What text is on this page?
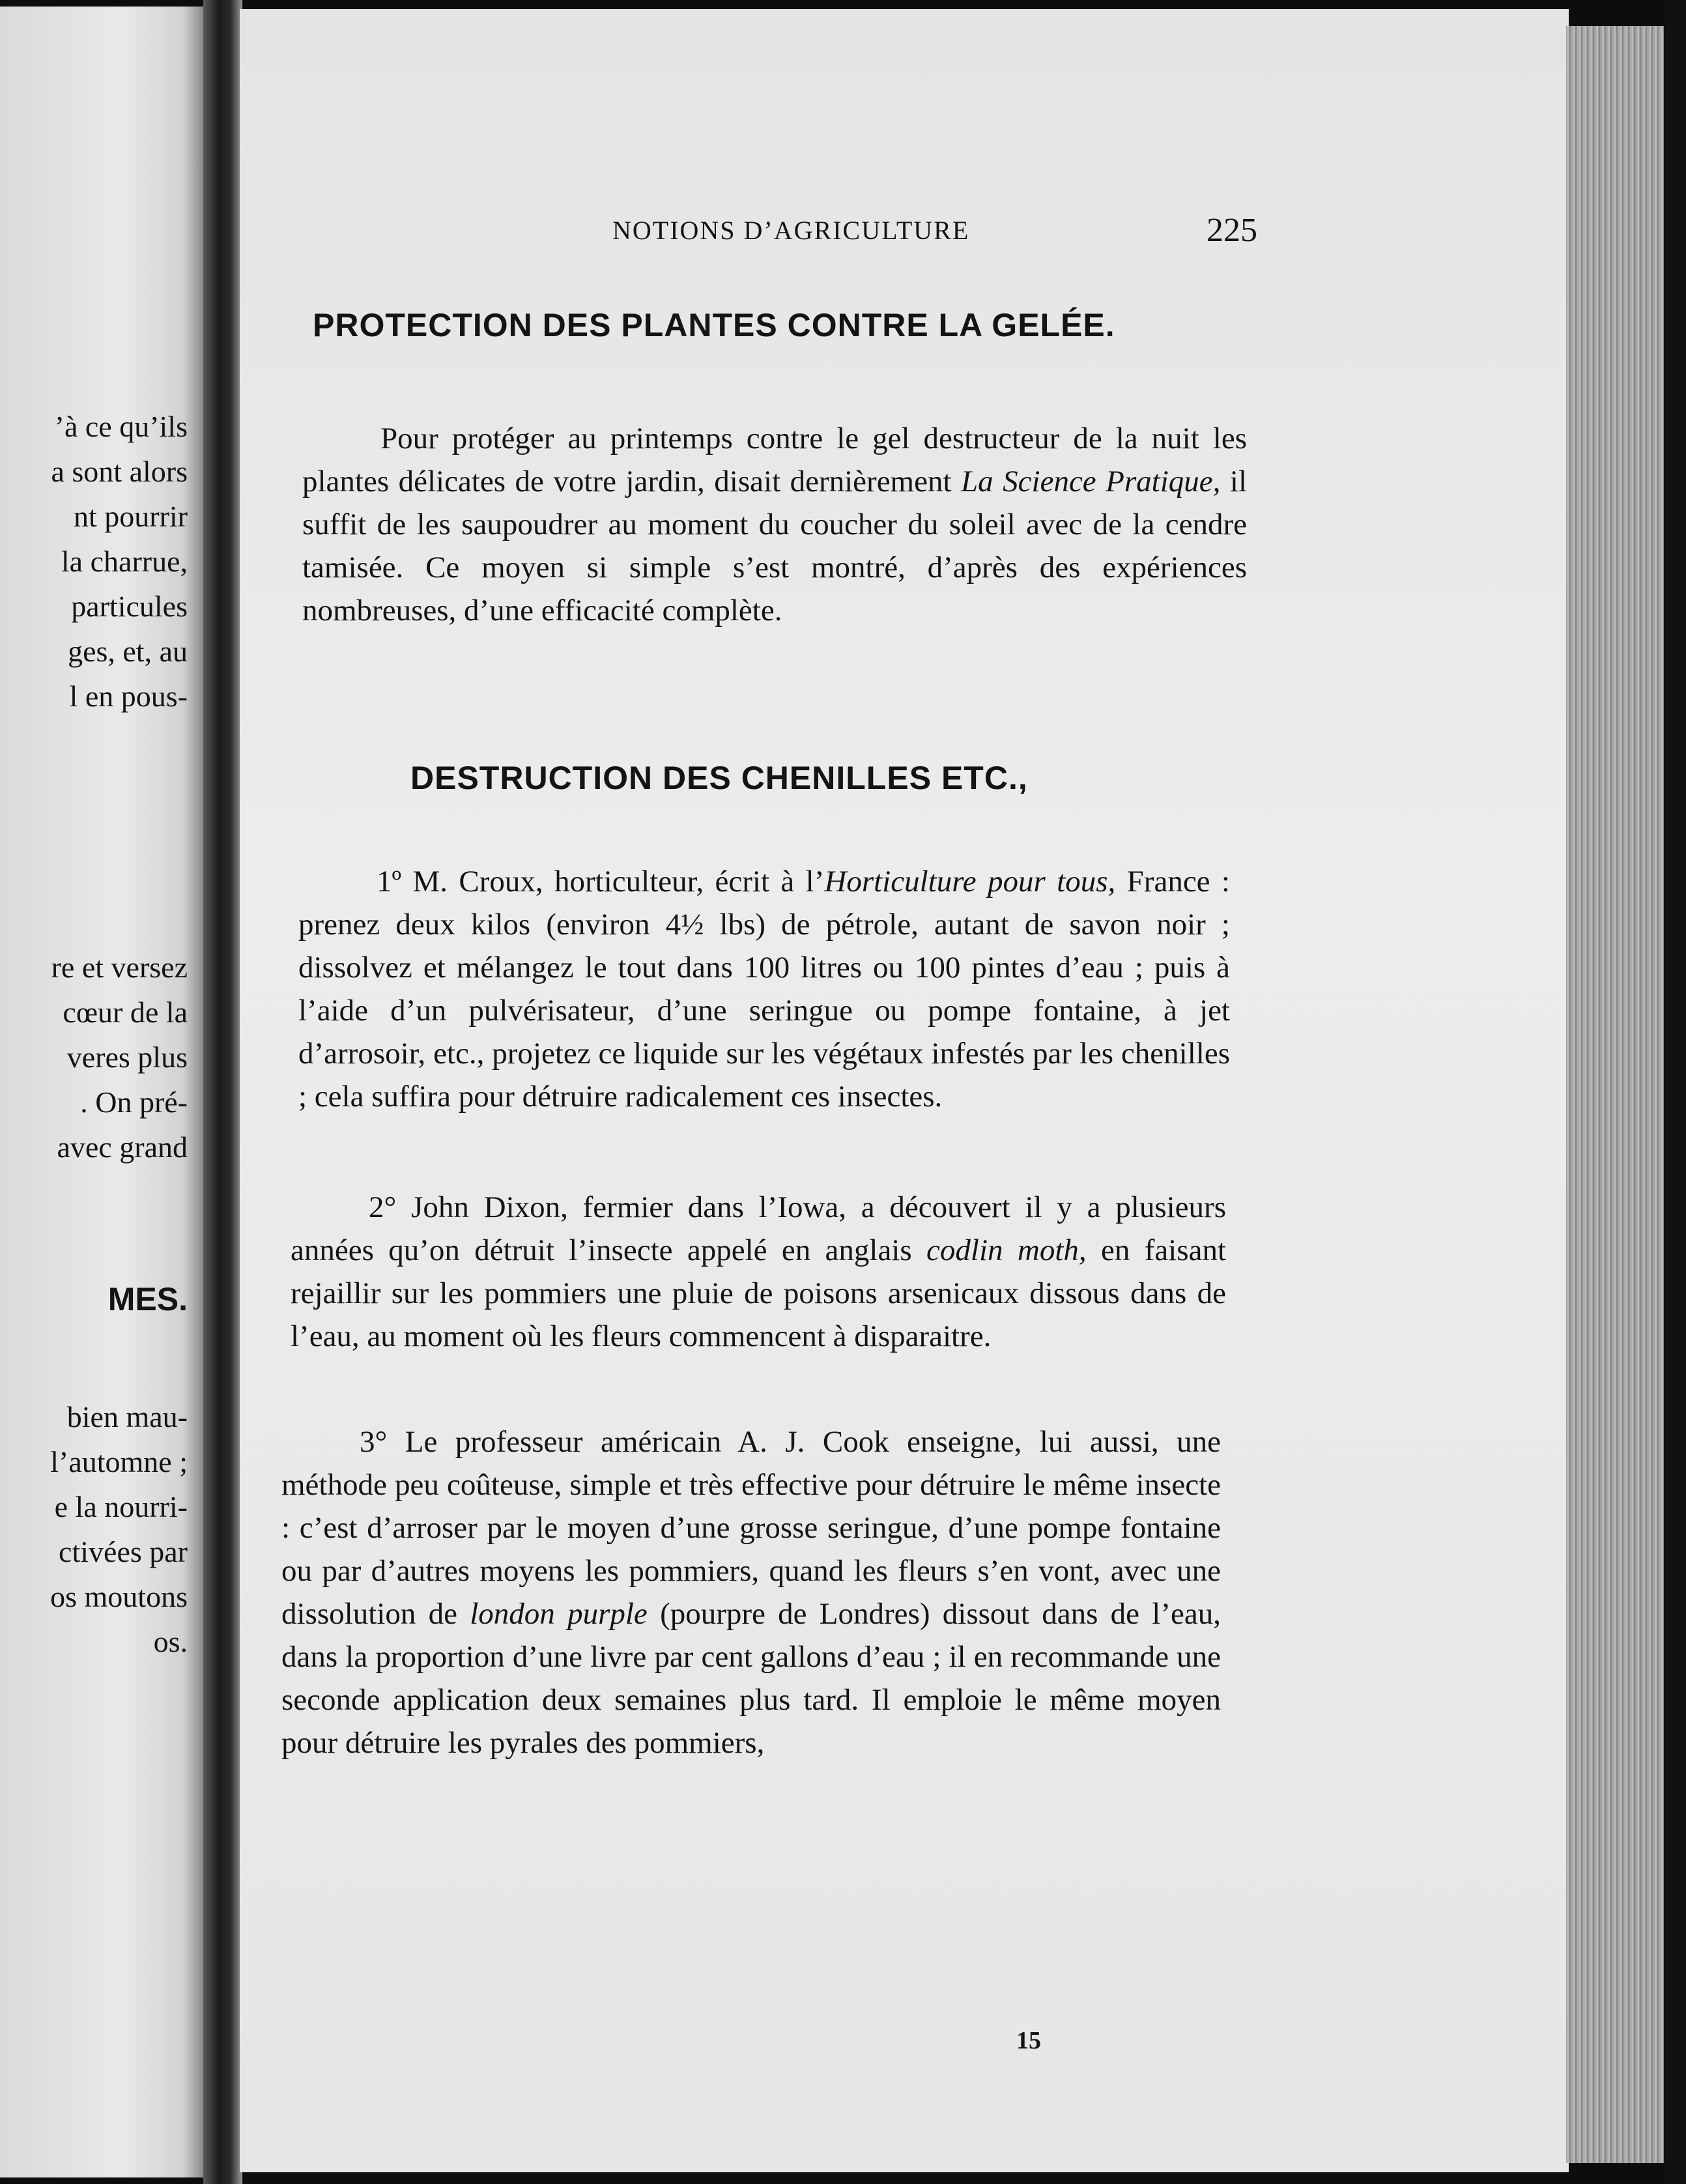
’à ce qu’ils
a sont alors
nt pourrir
la charrue,
particules
ges, et, au
l en pous-
re et versez
cœur de la
veres plus
. On pré-
avec grand
MES.
bien mau-
l’automne ;
e la nourri-
ctivées par
os moutons
os.
NOTIONS D’AGRICULTURE	225
PROTECTION DES PLANTES CONTRE LA GELÉE.
Pour protéger au printemps contre le gel destructeur de la nuit les plantes délicates de votre jardin, disait dernièrement La Science Pratique, il suffit de les saupoudrer au moment du coucher du soleil avec de la cendre tamisée. Ce moyen si simple s’est montré, d’après des expériences nombreuses, d’une efficacité complète.
DESTRUCTION DES CHENILLES ETC.,
1º M. Croux, horticulteur, écrit à l’Horticulture pour tous, France : prenez deux kilos (environ 4½ lbs) de pétrole, autant de savon noir ; dissolvez et mélangez le tout dans 100 litres ou 100 pintes d’eau ; puis à l’aide d’un pulvérisateur, d’une seringue ou pompe fontaine, à jet d’arrosoir, etc., projetez ce liquide sur les végétaux infestés par les chenilles ; cela suffira pour détruire radicalement ces insectes.
2° John Dixon, fermier dans l’Iowa, a découvert il y a plusieurs années qu’on détruit l’insecte appelé en anglais codlin moth, en faisant rejaillir sur les pommiers une pluie de poisons arsenicaux dissous dans de l’eau, au moment où les fleurs commencent à disparaitre.
3° Le professeur américain A. J. Cook enseigne, lui aussi, une méthode peu coûteuse, simple et très effective pour détruire le même insecte : c’est d’arroser par le moyen d’une grosse seringue, d’une pompe fontaine ou par d’autres moyens les pommiers, quand les fleurs s’en vont, avec une dissolution de london purple (pourpre de Londres) dissout dans de l’eau, dans la proportion d’une livre par cent gallons d’eau ; il en recommande une seconde application deux semaines plus tard. Il emploie le même moyen pour détruire les pyrales des pommiers,
15
